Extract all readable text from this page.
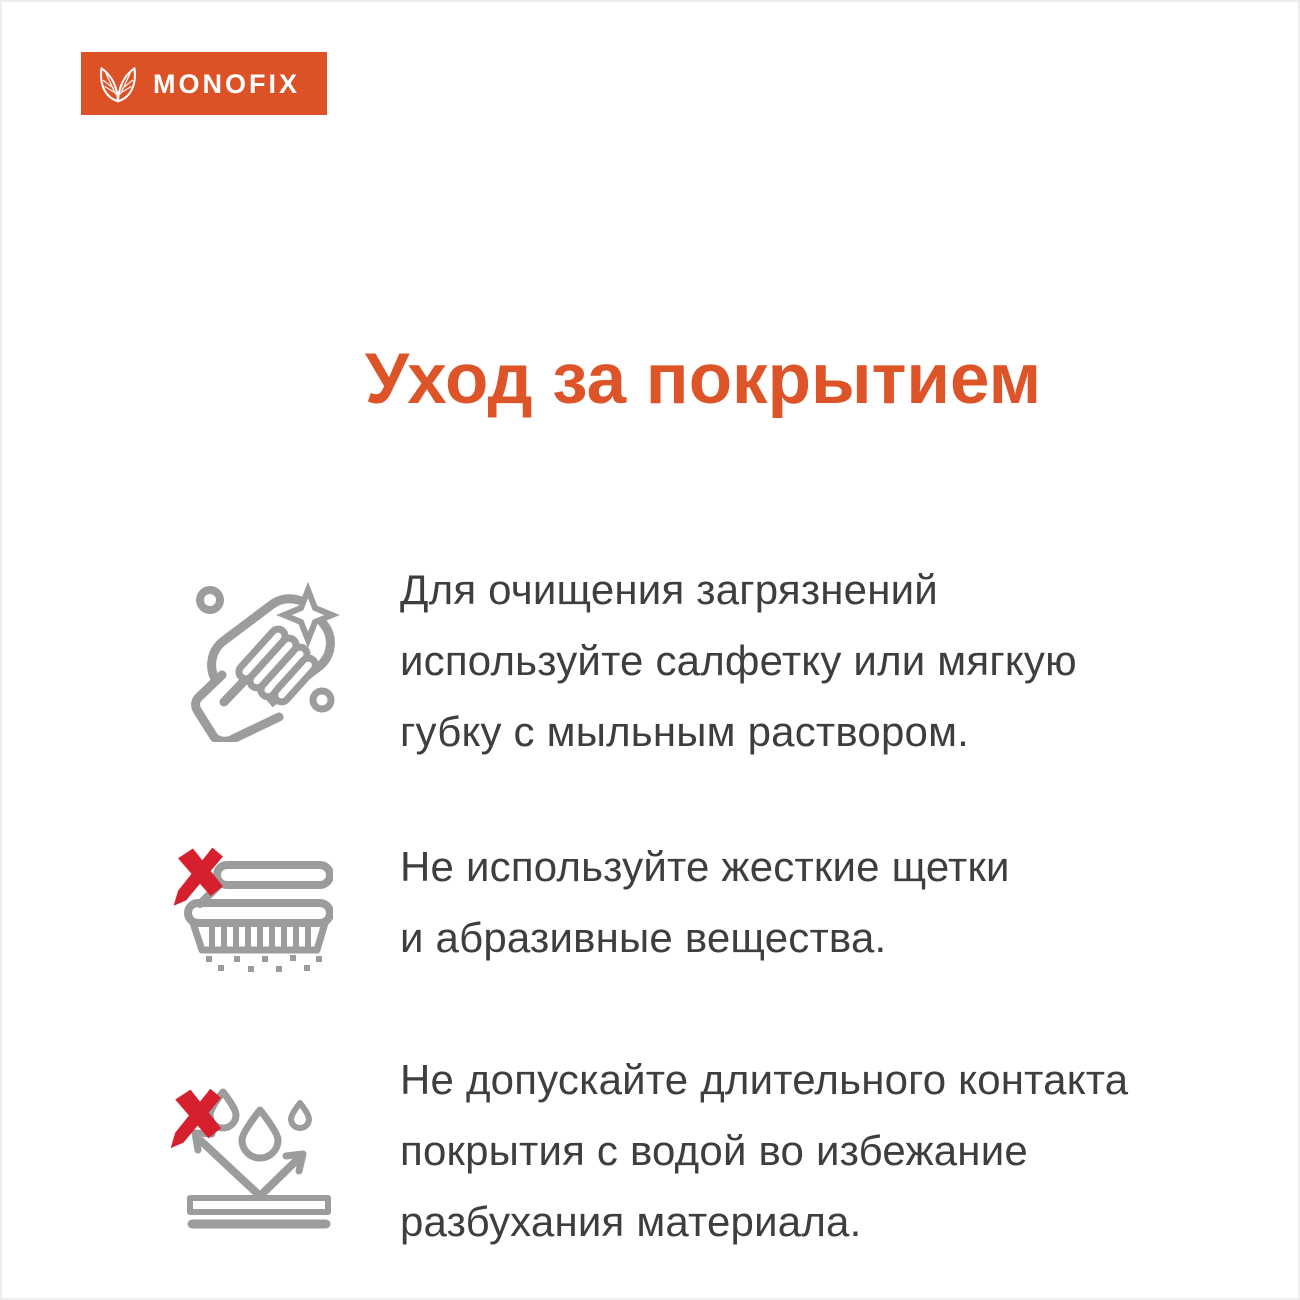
MONOFIX
Уход за покрытием
Для очищения загрязнений
используйте салфетку или мягкую
губку с мыльным раствором.
Не используйте жесткие щетки
и абразивные вещества.
Не допускайте длительного контакта
покрытия с водой во избежание
разбухания материала.
